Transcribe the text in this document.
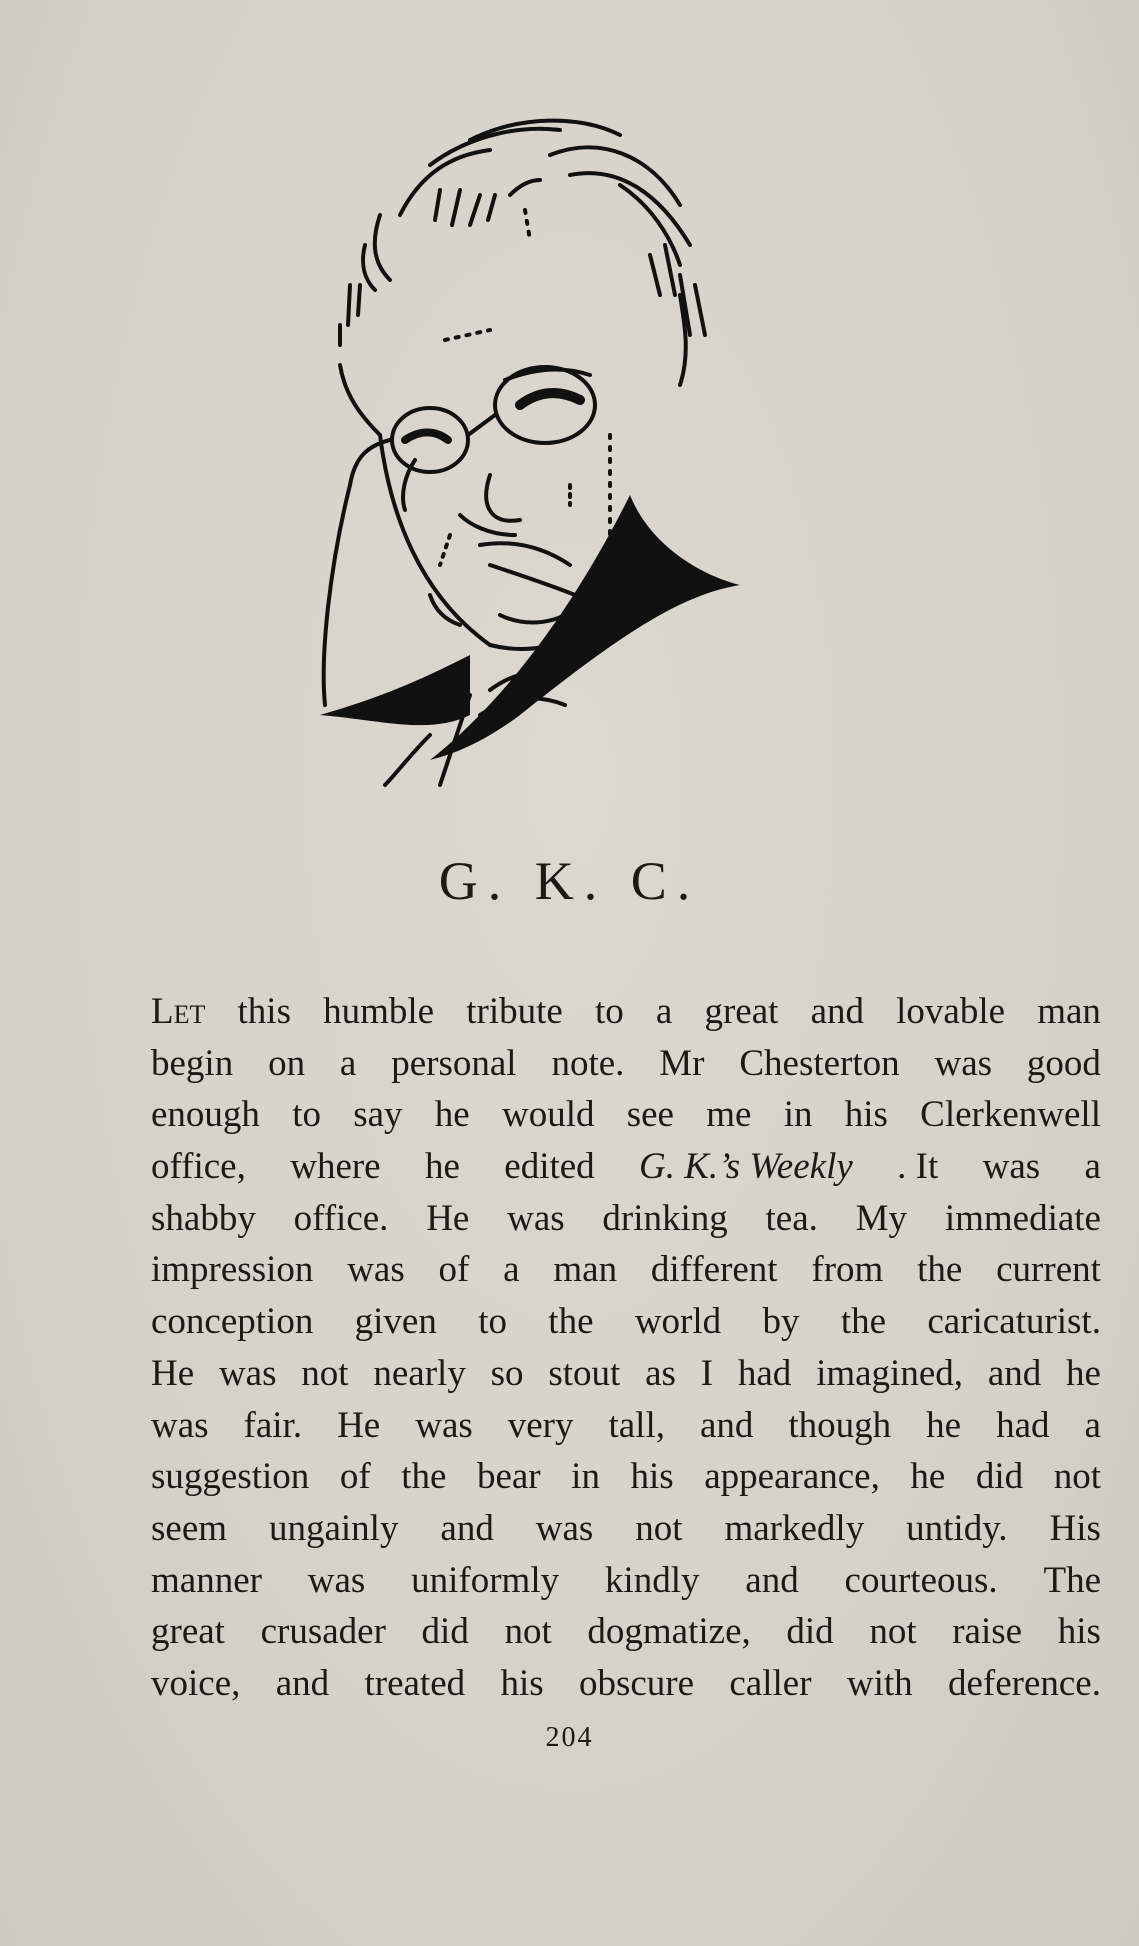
G. K. C.
Let this humble tribute to a great and lovable man
begin on a personal note. Mr Chesterton was good
enough to say he would see me in his Clerkenwell
office, where he edited G. K.’s Weekly . It was a
shabby office. He was drinking tea. My immediate
impression was of a man different from the current
conception given to the world by the caricaturist.
He was not nearly so stout as I had imagined, and he
was fair. He was very tall, and though he had a
suggestion of the bear in his appearance, he did not
seem ungainly and was not markedly untidy. His
manner was uniformly kindly and courteous. The
great crusader did not dogmatize, did not raise his
voice, and treated his obscure caller with deference.
204
